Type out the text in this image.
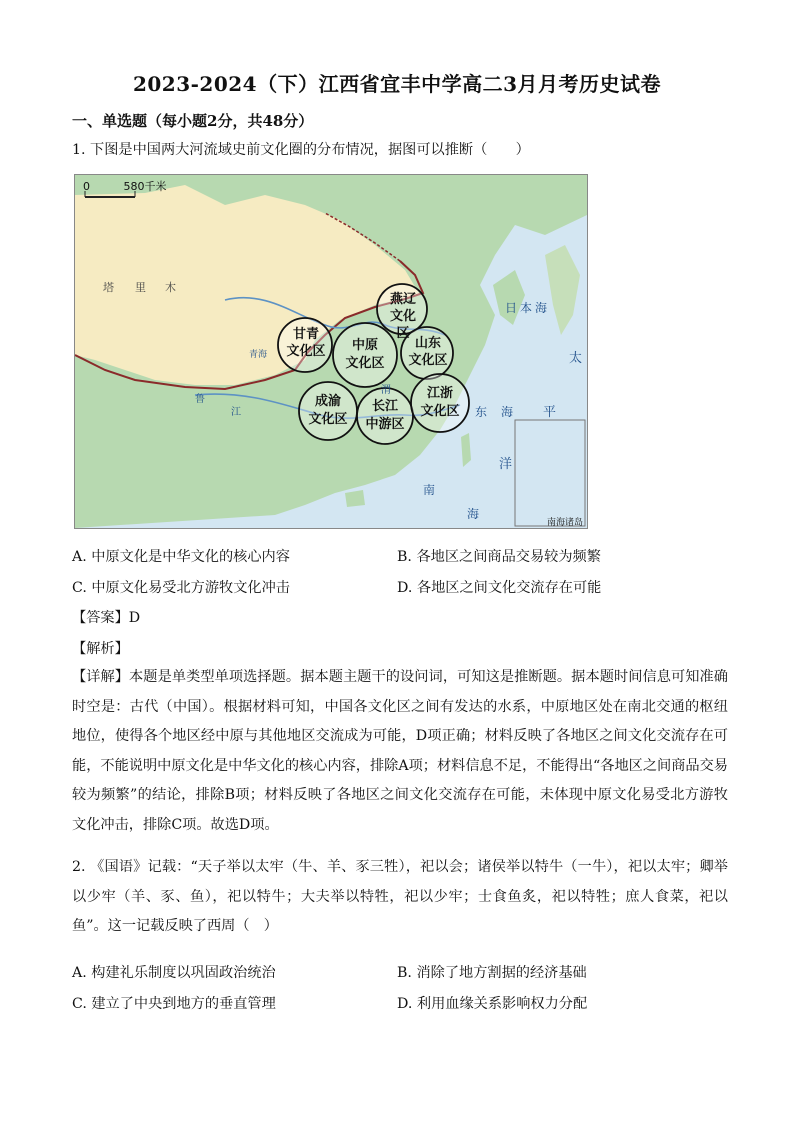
2023-2024（下）江西省宜丰中学高二3月月考历史试卷
一、单选题（每小题2分，共48分）
1. 下图是中国两大河流域史前文化圈的分布情况，据图可以推断（　　）
0	580千米
燕辽
文化区
甘青
文化区	中原
文化区
山东
文化区
成渝
文化区
长江
中游区
江浙
文化区
日本海
东 海
太
平
洋
南
海
南海诸岛
塔 里 木
青海
鲁
渭
江
A. 中原文化是中华文化的核心内容	B. 各地区之间商品交易较为频繁
C. 中原文化易受北方游牧文化冲击	D. 各地区之间文化交流存在可能
【答案】D
【解析】
【详解】本题是单类型单项选择题。据本题主题干的设问词，可知这是推断题。据本题时间信息可知准确时空是：古代（中国）。根据材料可知，中国各文化区之间有发达的水系，中原地区处在南北交通的枢纽地位，使得各个地区经中原与其他地区交流成为可能，D项正确；材料反映了各地区之间文化交流存在可能，不能说明中原文化是中华文化的核心内容，排除A项；材料信息不足，不能得出“各地区之间商品交易较为频繁”的结论，排除B项；材料反映了各地区之间文化交流存在可能，未体现中原文化易受北方游牧文化冲击，排除C项。故选D项。
2. 《国语》记载：“天子举以太牢（牛、羊、豕三牲），祀以会；诸侯举以特牛（一牛），祀以太牢；卿举以少牢（羊、豕、鱼），祀以特牛；大夫举以特牲，祀以少牢；士食鱼炙，祀以特牲；庶人食菜，祀以鱼”。这一记载反映了西周（　）
A. 构建礼乐制度以巩固政治统治	B. 消除了地方割据的经济基础
C. 建立了中央到地方的垂直管理	D. 利用血缘关系影响权力分配
